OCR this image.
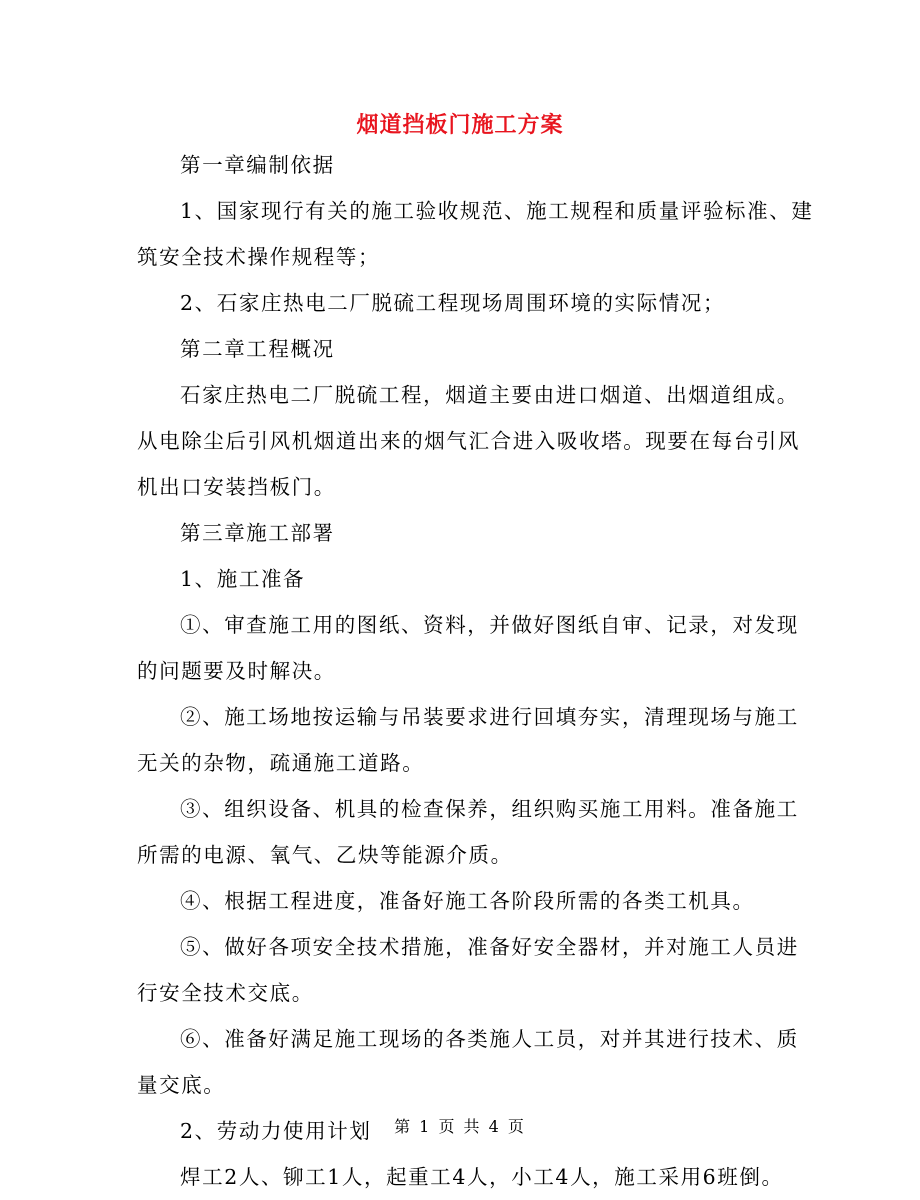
烟道挡板门施工方案
第一章编制依据
1、国家现行有关的施工验收规范、施工规程和质量评验标准、建
筑安全技术操作规程等；
2、石家庄热电二厂脱硫工程现场周围环境的实际情况；
第二章工程概况
石家庄热电二厂脱硫工程，烟道主要由进口烟道、出烟道组成。
从电除尘后引风机烟道出来的烟气汇合进入吸收塔。现要在每台引风
机出口安装挡板门。
第三章施工部署
1、施工准备
①、审查施工用的图纸、资料，并做好图纸自审、记录，对发现
的问题要及时解决。
②、施工场地按运输与吊装要求进行回填夯实，清理现场与施工
无关的杂物，疏通施工道路。
③、组织设备、机具的检查保养，组织购买施工用料。准备施工
所需的电源、氧气、乙炔等能源介质。
④、根据工程进度，准备好施工各阶段所需的各类工机具。
⑤、做好各项安全技术措施，准备好安全器材，并对施工人员进
行安全技术交底。
⑥、准备好满足施工现场的各类施人工员，对并其进行技术、质
量交底。
2、劳动力使用计划
焊工2人、铆工1人，起重工4人，小工4人，施工采用6班倒。
第 1 页 共 4 页
